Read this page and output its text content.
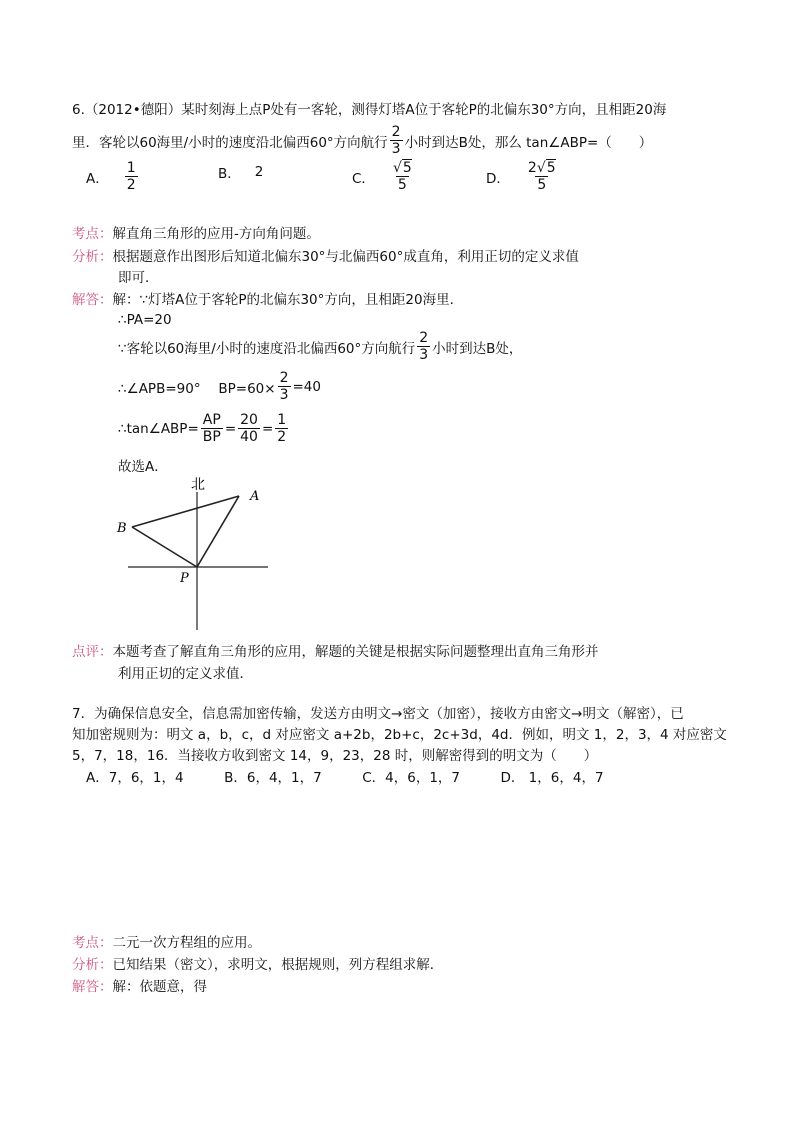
6.（2012•德阳）某时刻海上点P处有一客轮，测得灯塔A位于客轮P的北偏东30°方向，且相距20海
里．客轮以60海里/小时的速度沿北偏西60°方向航行 $\frac{2}{3}$ 小时到达B处，那么 tan∠ABP=（　　）
A． $\frac{1}{2}$	B． 2	C． $\frac{√5}{5}$	D． $\frac{2√5}{5}$
考点：解直角三角形的应用-方向角问题。
分析：根据题意作出图形后知道北偏东30°与北偏西60°成直角，利用正切的定义求值
即可．
解答：解：∵灯塔A位于客轮P的北偏东30°方向，且相距20海里．
∴PA=20
∵客轮以60海里/小时的速度沿北偏西60°方向航行 $\frac{2}{3}$ 小时到达B处，
∴∠APB=90°　 $BP=60\times \frac{2}{3} =40$
∴tan∠ABP= $\frac{AP}{BP} = \frac{20}{40} = \frac{1}{2}$
故选A．
北
A
B
P
点评：本题考查了解直角三角形的应用，解题的关键是根据实际问题整理出直角三角形并
利用正切的定义求值．
7．为确保信息安全，信息需加密传输，发送方由明文→密文（加密），接收方由密文→明文（解密），已
知加密规则为：明文 a，b，c，d 对应密文 a+2b，2b+c，2c+3d，4d．例如，明文 1，2，3，4 对应密文
5，7，18，16．当接收方收到密文 14，9，23，28 时，则解密得到的明文为（　　）
A．7，6，1，4　　　B．6，4，1，7　　　C．4，6，1，7　　　D． 1，6，4，7
考点：二元一次方程组的应用。
分析：已知结果（密文），求明文，根据规则，列方程组求解．
解答：解：依题意，得
